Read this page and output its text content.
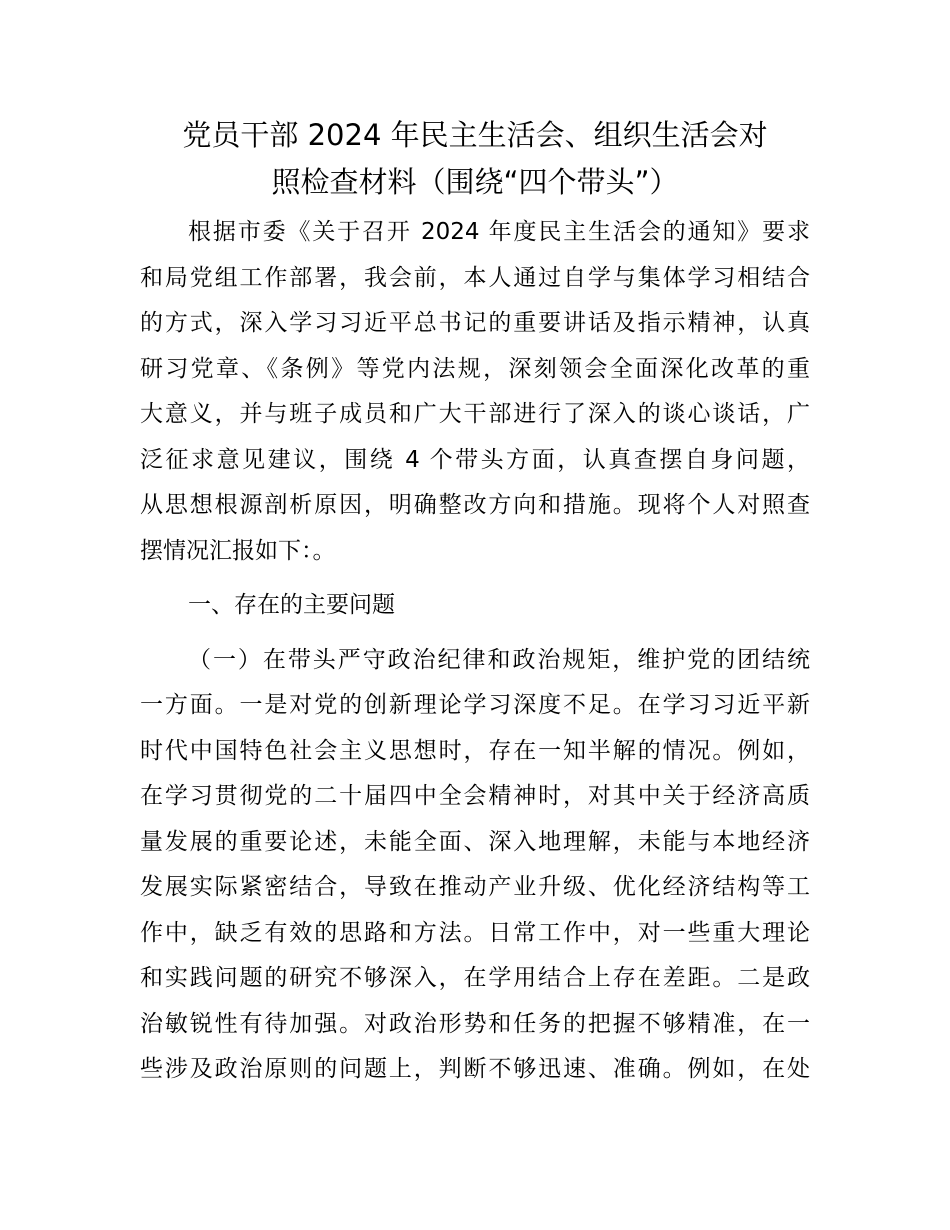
党员干部 2024 年民主生活会、组织生活会对
照检查材料（围绕“四个带头”）
根据市委《关于召开 2024 年度民主生活会的通知》要求
和局党组工作部署，我会前，本人通过自学与集体学习相结合
的方式，深入学习习近平总书记的重要讲话及指示精神，认真
研习党章、《条例》等党内法规，深刻领会全面深化改革的重
大意义，并与班子成员和广大干部进行了深入的谈心谈话，广
泛征求意见建议，围绕 4 个带头方面，认真查摆自身问题，
从思想根源剖析原因，明确整改方向和措施。现将个人对照查
摆情况汇报如下：。
一、存在的主要问题
（一）在带头严守政治纪律和政治规矩，维护党的团结统
一方面。一是对党的创新理论学习深度不足。在学习习近平新
时代中国特色社会主义思想时，存在一知半解的情况。例如，
在学习贯彻党的二十届四中全会精神时，对其中关于经济高质
量发展的重要论述，未能全面、深入地理解，未能与本地经济
发展实际紧密结合，导致在推动产业升级、优化经济结构等工
作中，缺乏有效的思路和方法。日常工作中，对一些重大理论
和实践问题的研究不够深入，在学用结合上存在差距。二是政
治敏锐性有待加强。对政治形势和任务的把握不够精准，在一
些涉及政治原则的问题上，判断不够迅速、准确。例如，在处
